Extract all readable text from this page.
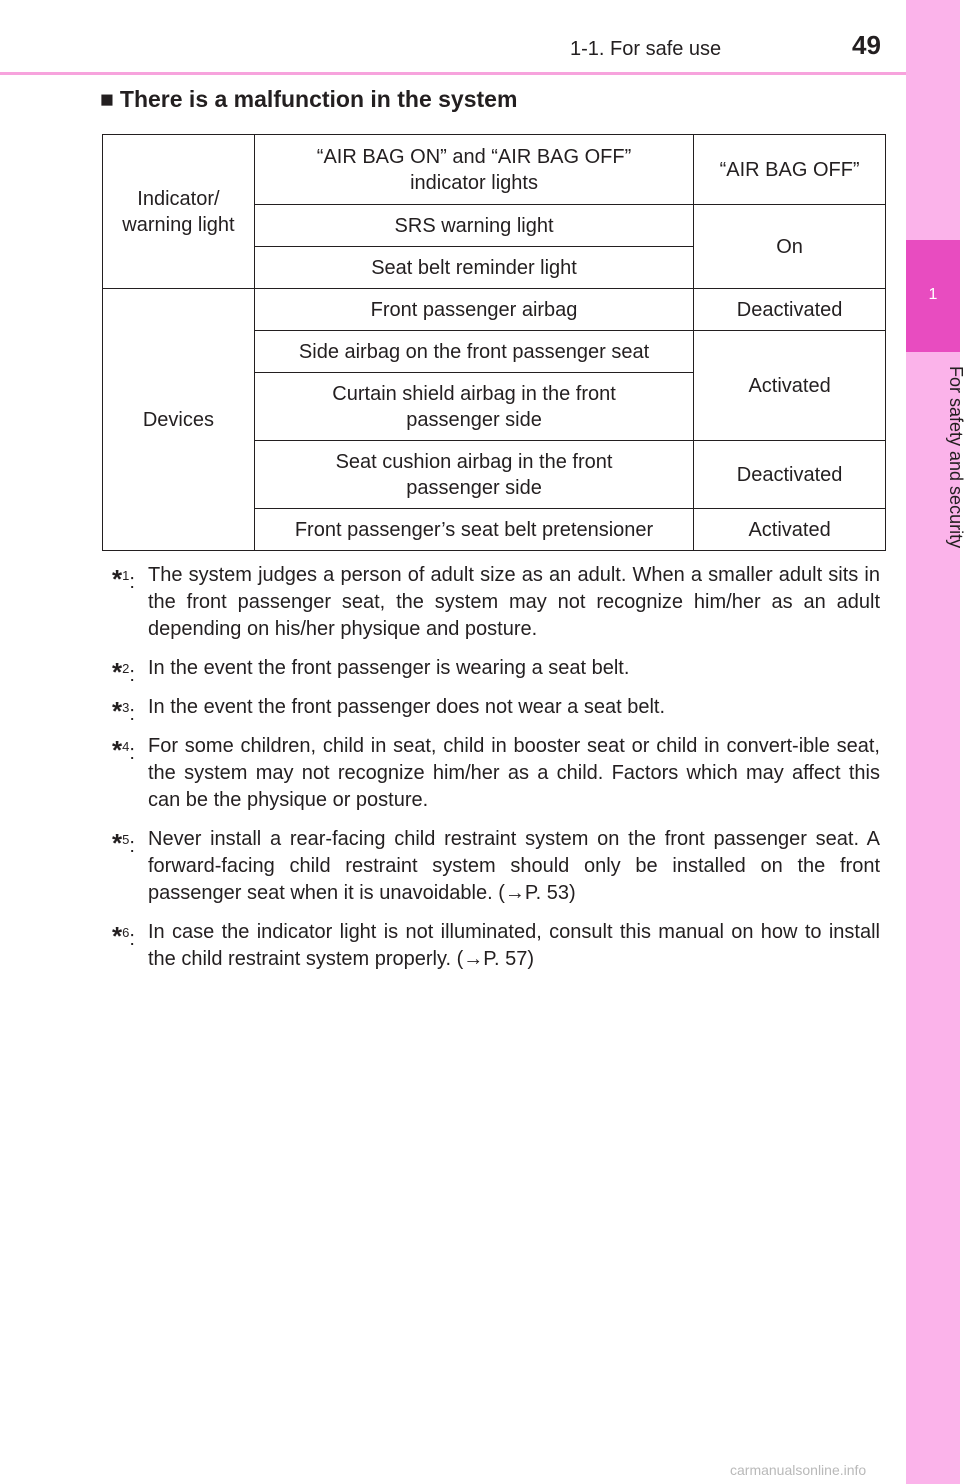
1
For safety and security
1-1. For safe use	49
■ There is a malfunction in the system
Indicator/ warning light	“AIR BAG ON” and “AIR BAG OFF” indicator lights	“AIR BAG OFF”
	SRS warning light	On
	Seat belt reminder light	
Devices	Front passenger airbag	Deactivated
	Side airbag on the front passenger seat	Activated
	Curtain shield airbag in the front passenger side	
	Seat cushion airbag in the front passenger side	Deactivated
	Front passenger’s seat belt pretensioner	Activated
*$^1$: The system judges a person of adult size as an adult. When a smaller adult sits in the front passenger seat, the system may not recognize him/her as an adult depending on his/her physique and posture.
*$^2$: In the event the front passenger is wearing a seat belt.
*$^3$: In the event the front passenger does not wear a seat belt.
*$^4$: For some children, child in seat, child in booster seat or child in convert-ible seat, the system may not recognize him/her as a child. Factors which may affect this can be the physique or posture.
*$^5$: Never install a rear-facing child restraint system on the front passenger seat. A forward-facing child restraint system should only be installed on the front passenger seat when it is unavoidable. (→P. 53)
*$^6$: In case the indicator light is not illuminated, consult this manual on how to install the child restraint system properly. (→P. 57)
carmanualsonline.info
